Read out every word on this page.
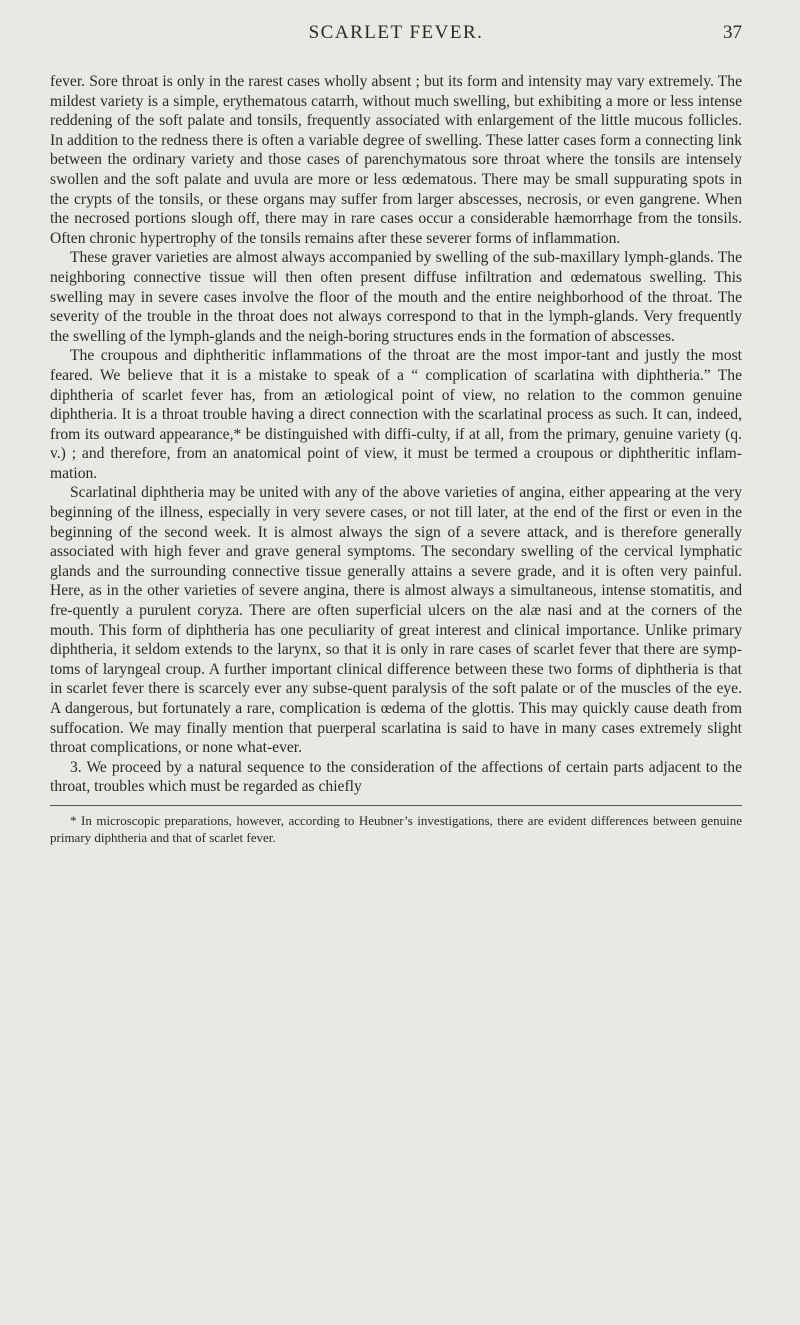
SCARLET FEVER.	37

fever. Sore throat is only in the rarest cases wholly absent ; but its form and intensity may vary extremely. The mildest variety is a simple, erythematous catarrh, without much swelling, but exhibiting a more or less intense reddening of the soft palate and tonsils, frequently associated with enlargement of the little mucous follicles. In addition to the redness there is often a variable degree of swelling. These latter cases form a connecting link between the ordinary variety and those cases of parenchymatous sore throat where the tonsils are intensely swollen and the soft palate and uvula are more or less œdematous. There may be small suppurating spots in the crypts of the tonsils, or these organs may suffer from larger abscesses, necrosis, or even gangrene. When the necrosed portions slough off, there may in rare cases occur a considerable hæmorrhage from the tonsils. Often chronic hypertrophy of the tonsils remains after these severer forms of inflammation.

These graver varieties are almost always accompanied by swelling of the sub-maxillary lymph-glands. The neighboring connective tissue will then often present diffuse infiltration and œdematous swelling. This swelling may in severe cases involve the floor of the mouth and the entire neighborhood of the throat. The severity of the trouble in the throat does not always correspond to that in the lymph-glands. Very frequently the swelling of the lymph-glands and the neigh-boring structures ends in the formation of abscesses.

The croupous and diphtheritic inflammations of the throat are the most impor-tant and justly the most feared. We believe that it is a mistake to speak of a “ complication of scarlatina with diphtheria.” The diphtheria of scarlet fever has, from an ætiological point of view, no relation to the common genuine diphtheria. It is a throat trouble having a direct connection with the scarlatinal process as such. It can, indeed, from its outward appearance,* be distinguished with diffi-culty, if at all, from the primary, genuine variety (q. v.) ; and therefore, from an anatomical point of view, it must be termed a croupous or diphtheritic inflam-mation.

Scarlatinal diphtheria may be united with any of the above varieties of angina, either appearing at the very beginning of the illness, especially in very severe cases, or not till later, at the end of the first or even in the beginning of the second week. It is almost always the sign of a severe attack, and is therefore generally associated with high fever and grave general symptoms. The secondary swelling of the cervical lymphatic glands and the surrounding connective tissue generally attains a severe grade, and it is often very painful. Here, as in the other varieties of severe angina, there is almost always a simultaneous, intense stomatitis, and fre-quently a purulent coryza. There are often superficial ulcers on the alæ nasi and at the corners of the mouth. This form of diphtheria has one peculiarity of great interest and clinical importance. Unlike primary diphtheria, it seldom extends to the larynx, so that it is only in rare cases of scarlet fever that there are symp-toms of laryngeal croup. A further important clinical difference between these two forms of diphtheria is that in scarlet fever there is scarcely ever any subse-quent paralysis of the soft palate or of the muscles of the eye. A dangerous, but fortunately a rare, complication is œdema of the glottis. This may quickly cause death from suffocation. We may finally mention that puerperal scarlatina is said to have in many cases extremely slight throat complications, or none what-ever.

3. We proceed by a natural sequence to the consideration of the affections of certain parts adjacent to the throat, troubles which must be regarded as chiefly

* In microscopic preparations, however, according to Heubner’s investigations, there are evident differences between genuine primary diphtheria and that of scarlet fever.
